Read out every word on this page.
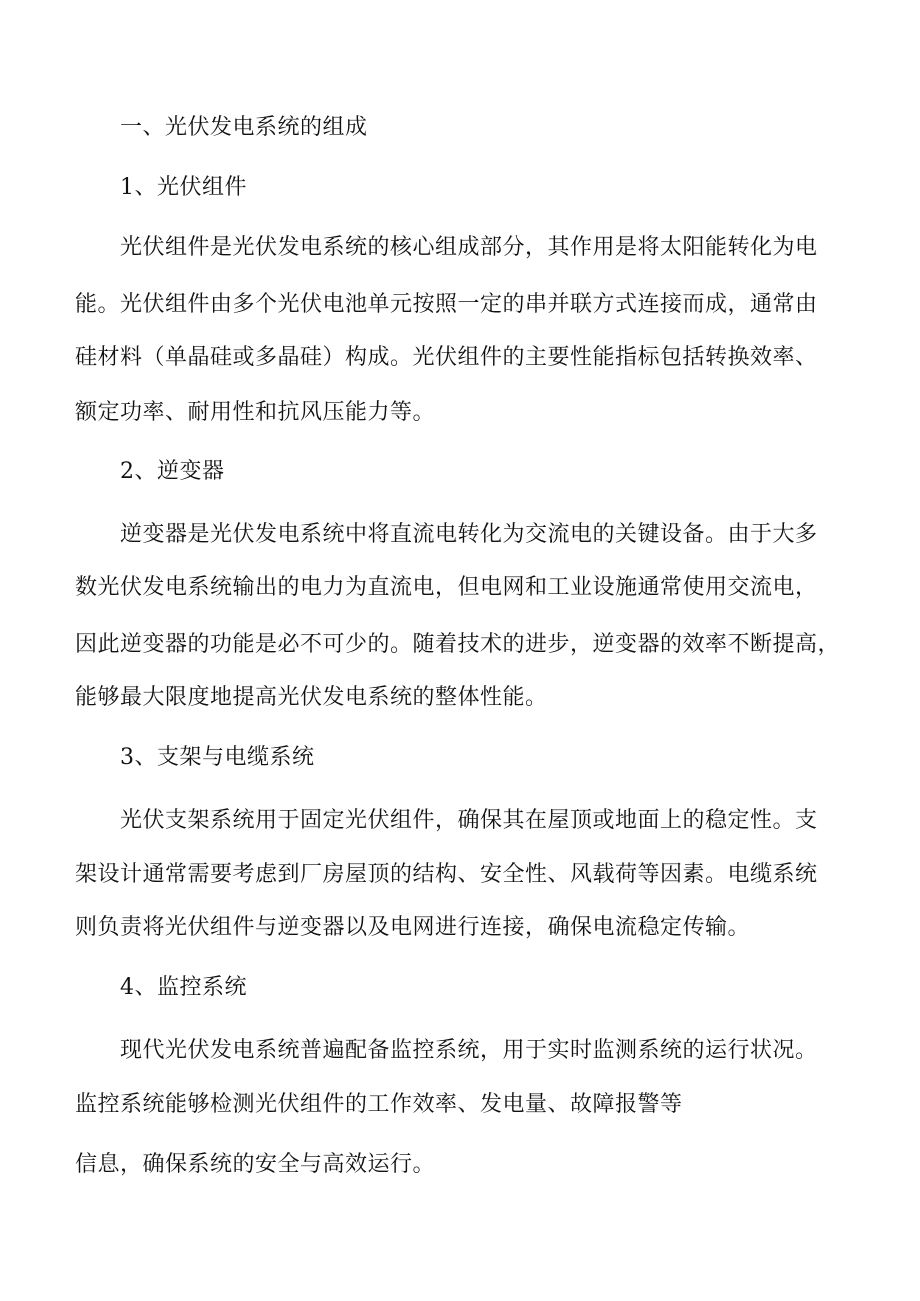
一、光伏发电系统的组成
1、光伏组件
光伏组件是光伏发电系统的核心组成部分，其作用是将太阳能转化为电
能。光伏组件由多个光伏电池单元按照一定的串并联方式连接而成，通常由
硅材料（单晶硅或多晶硅）构成。光伏组件的主要性能指标包括转换效率、
额定功率、耐用性和抗风压能力等。
2、逆变器
逆变器是光伏发电系统中将直流电转化为交流电的关键设备。由于大多
数光伏发电系统输出的电力为直流电，但电网和工业设施通常使用交流电，
因此逆变器的功能是必不可少的。随着技术的进步，逆变器的效率不断提高，
能够最大限度地提高光伏发电系统的整体性能。
3、支架与电缆系统
光伏支架系统用于固定光伏组件，确保其在屋顶或地面上的稳定性。支
架设计通常需要考虑到厂房屋顶的结构、安全性、风载荷等因素。电缆系统
则负责将光伏组件与逆变器以及电网进行连接，确保电流稳定传输。
4、监控系统
现代光伏发电系统普遍配备监控系统，用于实时监测系统的运行状况。
监控系统能够检测光伏组件的工作效率、发电量、故障报警等
信息，确保系统的安全与高效运行。
